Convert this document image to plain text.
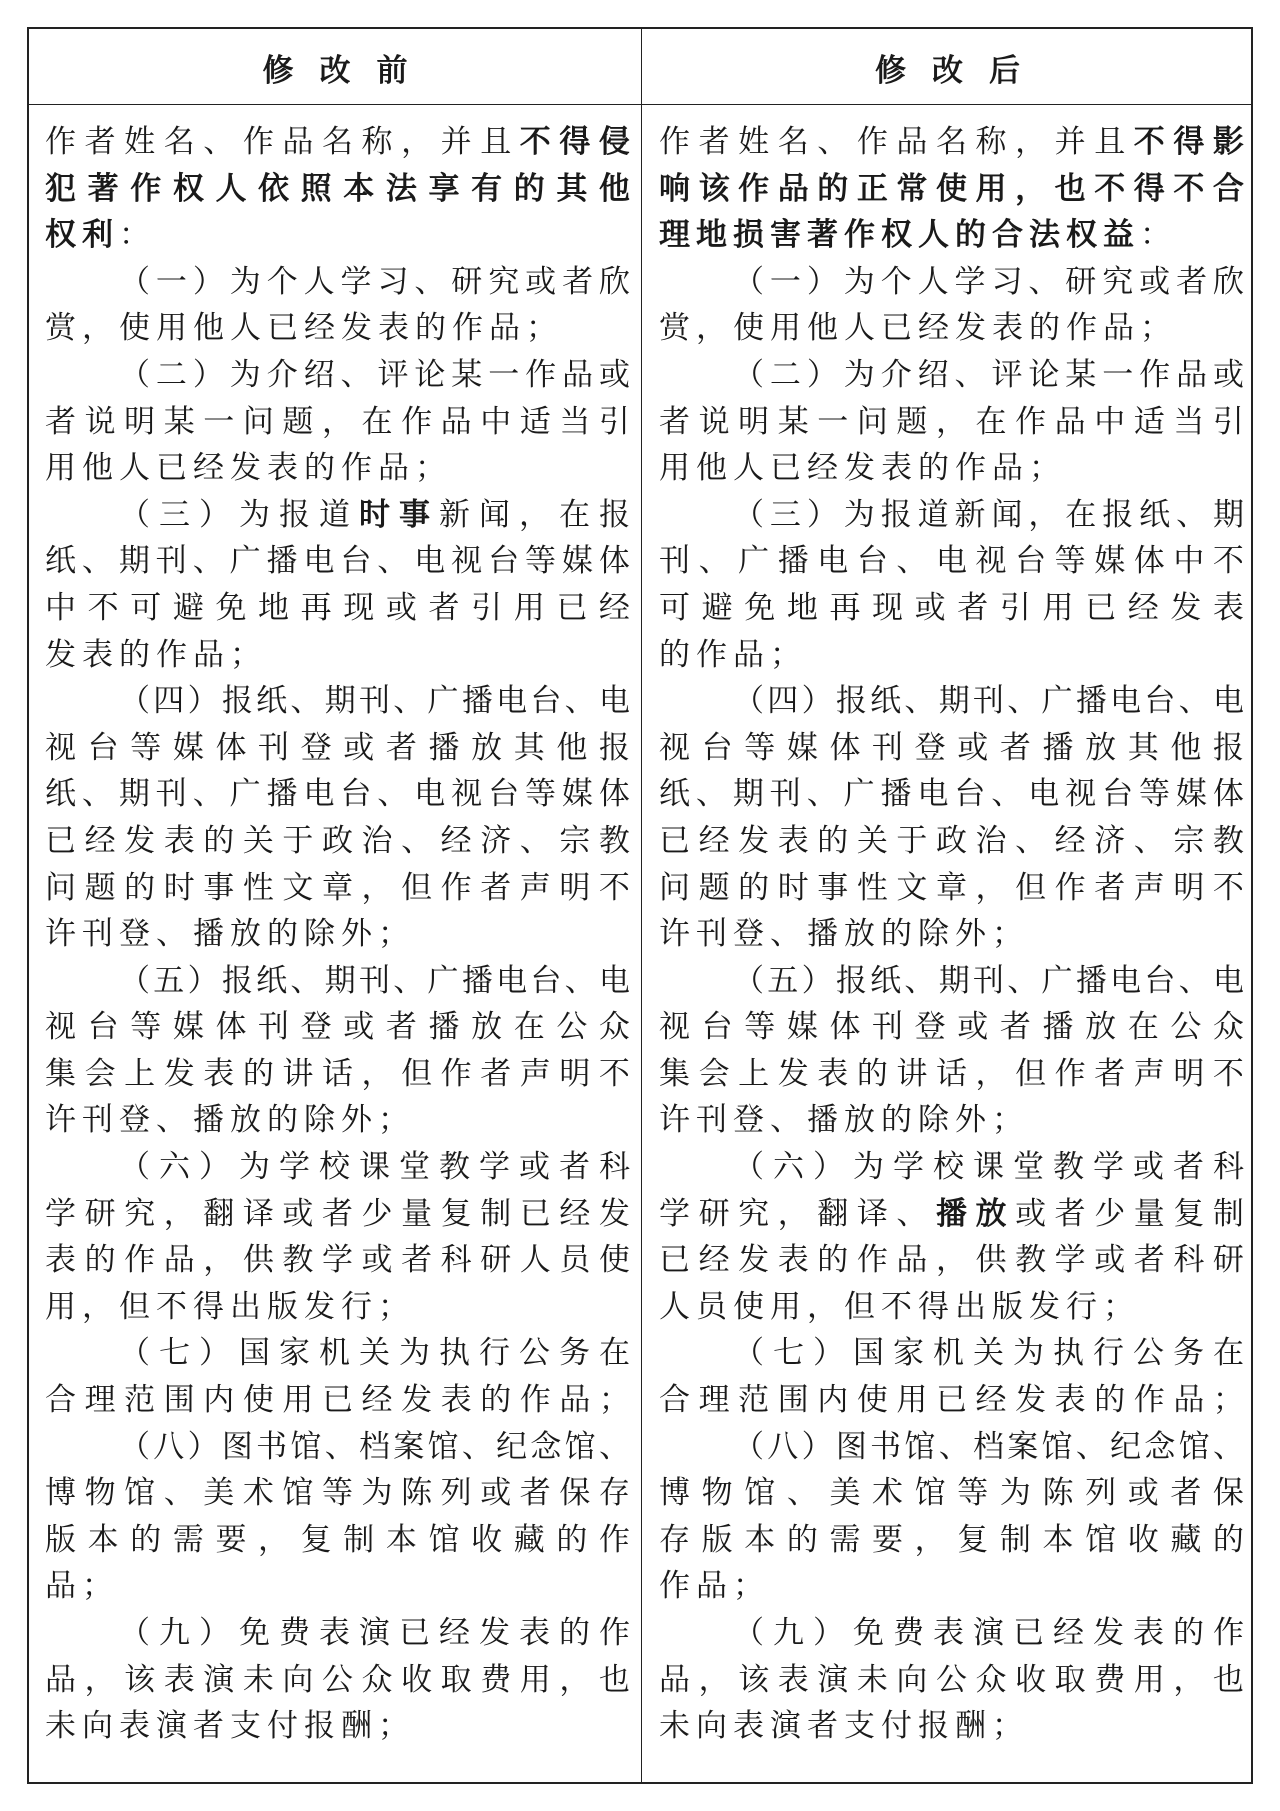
修改前	修改后
作 者 姓 名 、 作 品 名 称 ， 并 且 不 得 侵
犯 著 作 权 人 依 照 本 法 享 有 的 其 他
权 利 ：
（ 一 ） 为 个 人 学 习 、 研 究 或 者 欣
赏 ， 使 用 他 人 已 经 发 表 的 作 品 ；
（ 二 ） 为 介 绍 、 评 论 某 一 作 品 或
者 说 明 某 一 问 题 ， 在 作 品 中 适 当 引
用 他 人 已 经 发 表 的 作 品 ；
（ 三 ） 为 报 道 时 事 新 闻 ， 在 报
纸 、 期 刊 、 广 播 电 台 、 电 视 台 等 媒 体
中 不 可 避 免 地 再 现 或 者 引 用 已 经
发 表 的 作 品 ；
（ 四 ） 报 纸 、 期 刊 、 广 播 电 台 、 电
视 台 等 媒 体 刊 登 或 者 播 放 其 他 报
纸 、 期 刊 、 广 播 电 台 、 电 视 台 等 媒 体
已 经 发 表 的 关 于 政 治 、 经 济 、 宗 教
问 题 的 时 事 性 文 章 ， 但 作 者 声 明 不
许 刊 登 、 播 放 的 除 外 ；
（ 五 ） 报 纸 、 期 刊 、 广 播 电 台 、 电
视 台 等 媒 体 刊 登 或 者 播 放 在 公 众
集 会 上 发 表 的 讲 话 ， 但 作 者 声 明 不
许 刊 登 、 播 放 的 除 外 ；
（ 六 ） 为 学 校 课 堂 教 学 或 者 科
学 研 究 ， 翻 译 或 者 少 量 复 制 已 经 发
表 的 作 品 ， 供 教 学 或 者 科 研 人 员 使
用 ， 但 不 得 出 版 发 行 ；
（ 七 ） 国 家 机 关 为 执 行 公 务 在
合 理 范 围 内 使 用 已 经 发 表 的 作 品 ；
（ 八 ） 图 书 馆 、 档 案 馆 、 纪 念 馆 、
博 物 馆 、 美 术 馆 等 为 陈 列 或 者 保 存
版 本 的 需 要 ， 复 制 本 馆 收 藏 的 作
品 ；
（ 九 ） 免 费 表 演 已 经 发 表 的 作
品 ， 该 表 演 未 向 公 众 收 取 费 用 ， 也
未 向 表 演 者 支 付 报 酬 ；
作 者 姓 名 、 作 品 名 称 ， 并 且 不 得 影
响 该 作 品 的 正 常 使 用 ， 也 不 得 不 合
理 地 损 害 著 作 权 人 的 合 法 权 益 ：
（ 一 ） 为 个 人 学 习 、 研 究 或 者 欣
赏 ， 使 用 他 人 已 经 发 表 的 作 品 ；
（ 二 ） 为 介 绍 、 评 论 某 一 作 品 或
者 说 明 某 一 问 题 ， 在 作 品 中 适 当 引
用 他 人 已 经 发 表 的 作 品 ；
（ 三 ） 为 报 道 新 闻 ， 在 报 纸 、 期
刊 、 广 播 电 台 、 电 视 台 等 媒 体 中 不
可 避 免 地 再 现 或 者 引 用 已 经 发 表
的 作 品 ；
（ 四 ） 报 纸 、 期 刊 、 广 播 电 台 、 电
视 台 等 媒 体 刊 登 或 者 播 放 其 他 报
纸 、 期 刊 、 广 播 电 台 、 电 视 台 等 媒 体
已 经 发 表 的 关 于 政 治 、 经 济 、 宗 教
问 题 的 时 事 性 文 章 ， 但 作 者 声 明 不
许 刊 登 、 播 放 的 除 外 ；
（ 五 ） 报 纸 、 期 刊 、 广 播 电 台 、 电
视 台 等 媒 体 刊 登 或 者 播 放 在 公 众
集 会 上 发 表 的 讲 话 ， 但 作 者 声 明 不
许 刊 登 、 播 放 的 除 外 ；
（ 六 ） 为 学 校 课 堂 教 学 或 者 科
学 研 究 ， 翻 译 、 播 放 或 者 少 量 复 制
已 经 发 表 的 作 品 ， 供 教 学 或 者 科 研
人 员 使 用 ， 但 不 得 出 版 发 行 ；
（ 七 ） 国 家 机 关 为 执 行 公 务 在
合 理 范 围 内 使 用 已 经 发 表 的 作 品 ；
（ 八 ） 图 书 馆 、 档 案 馆 、 纪 念 馆 、
博 物 馆 、 美 术 馆 等 为 陈 列 或 者 保
存 版 本 的 需 要 ， 复 制 本 馆 收 藏 的
作 品 ；
（ 九 ） 免 费 表 演 已 经 发 表 的 作
品 ， 该 表 演 未 向 公 众 收 取 费 用 ， 也
未 向 表 演 者 支 付 报 酬 ；
